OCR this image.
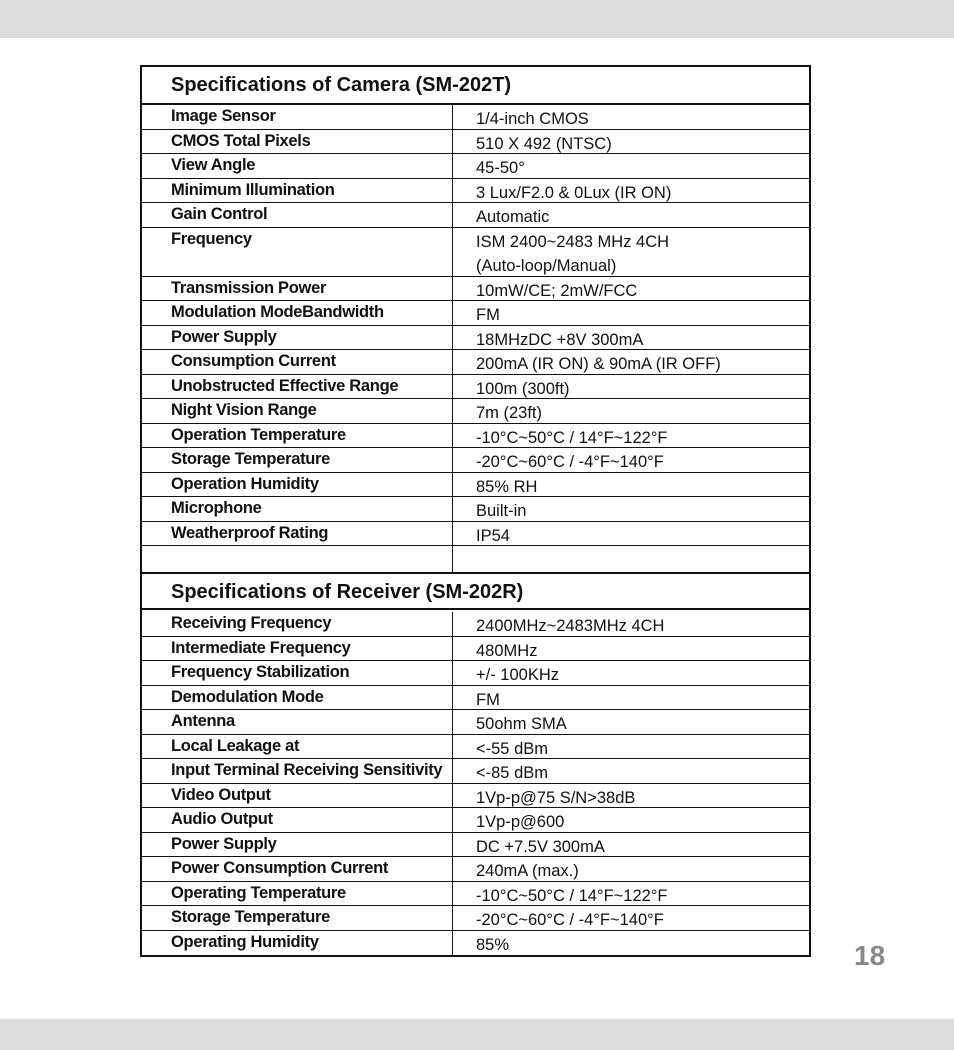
Specifications of Camera (SM-202T)
Image Sensor	1/4-inch CMOS
CMOS Total Pixels	510 X 492 (NTSC)
View Angle	45-50°
Minimum Illumination	3 Lux/F2.0 & 0Lux (IR ON)
Gain Control	Automatic
Frequency	ISM 2400~2483 MHz 4CH
(Auto-loop/Manual)
Transmission Power	10mW/CE; 2mW/FCC
Modulation ModeBandwidth	FM
Power Supply	18MHzDC +8V 300mA
Consumption Current	200mA (IR ON) & 90mA (IR OFF)
Unobstructed Effective Range	100m (300ft)
Night Vision Range	7m (23ft)
Operation Temperature	-10°C~50°C / 14°F~122°F
Storage Temperature	-20°C~60°C / -4°F~140°F
Operation Humidity	85% RH
Microphone	Built-in
Weatherproof Rating	IP54
Specifications of Receiver (SM-202R)
Receiving Frequency	2400MHz~2483MHz 4CH
Intermediate Frequency	480MHz
Frequency Stabilization	+/- 100KHz
Demodulation Mode	FM
Antenna	50ohm SMA
Local Leakage at	<-55 dBm
Input Terminal Receiving Sensitivity	<-85 dBm
Video Output	1Vp-p@75 S/N>38dB
Audio Output	1Vp-p@600
Power Supply	DC +7.5V 300mA
Power Consumption Current	240mA (max.)
Operating Temperature	-10°C~50°C / 14°F~122°F
Storage Temperature	-20°C~60°C / -4°F~140°F
Operating Humidity	85%	18
